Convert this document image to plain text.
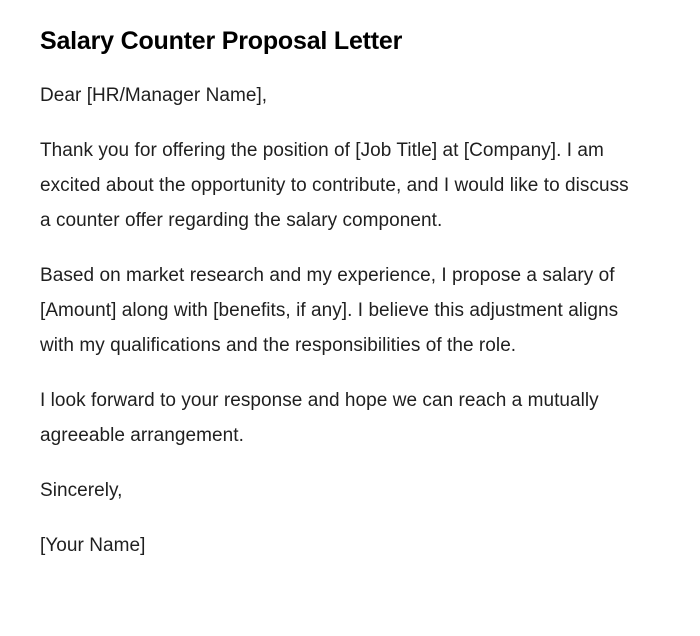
Salary Counter Proposal Letter

Dear [HR/Manager Name],

Thank you for offering the position of [Job Title] at [Company]. I am excited about the opportunity to contribute, and I would like to discuss a counter offer regarding the salary component.

Based on market research and my experience, I propose a salary of [Amount] along with [benefits, if any]. I believe this adjustment aligns with my qualifications and the responsibilities of the role.

I look forward to your response and hope we can reach a mutually agreeable arrangement.

Sincerely,

[Your Name]
